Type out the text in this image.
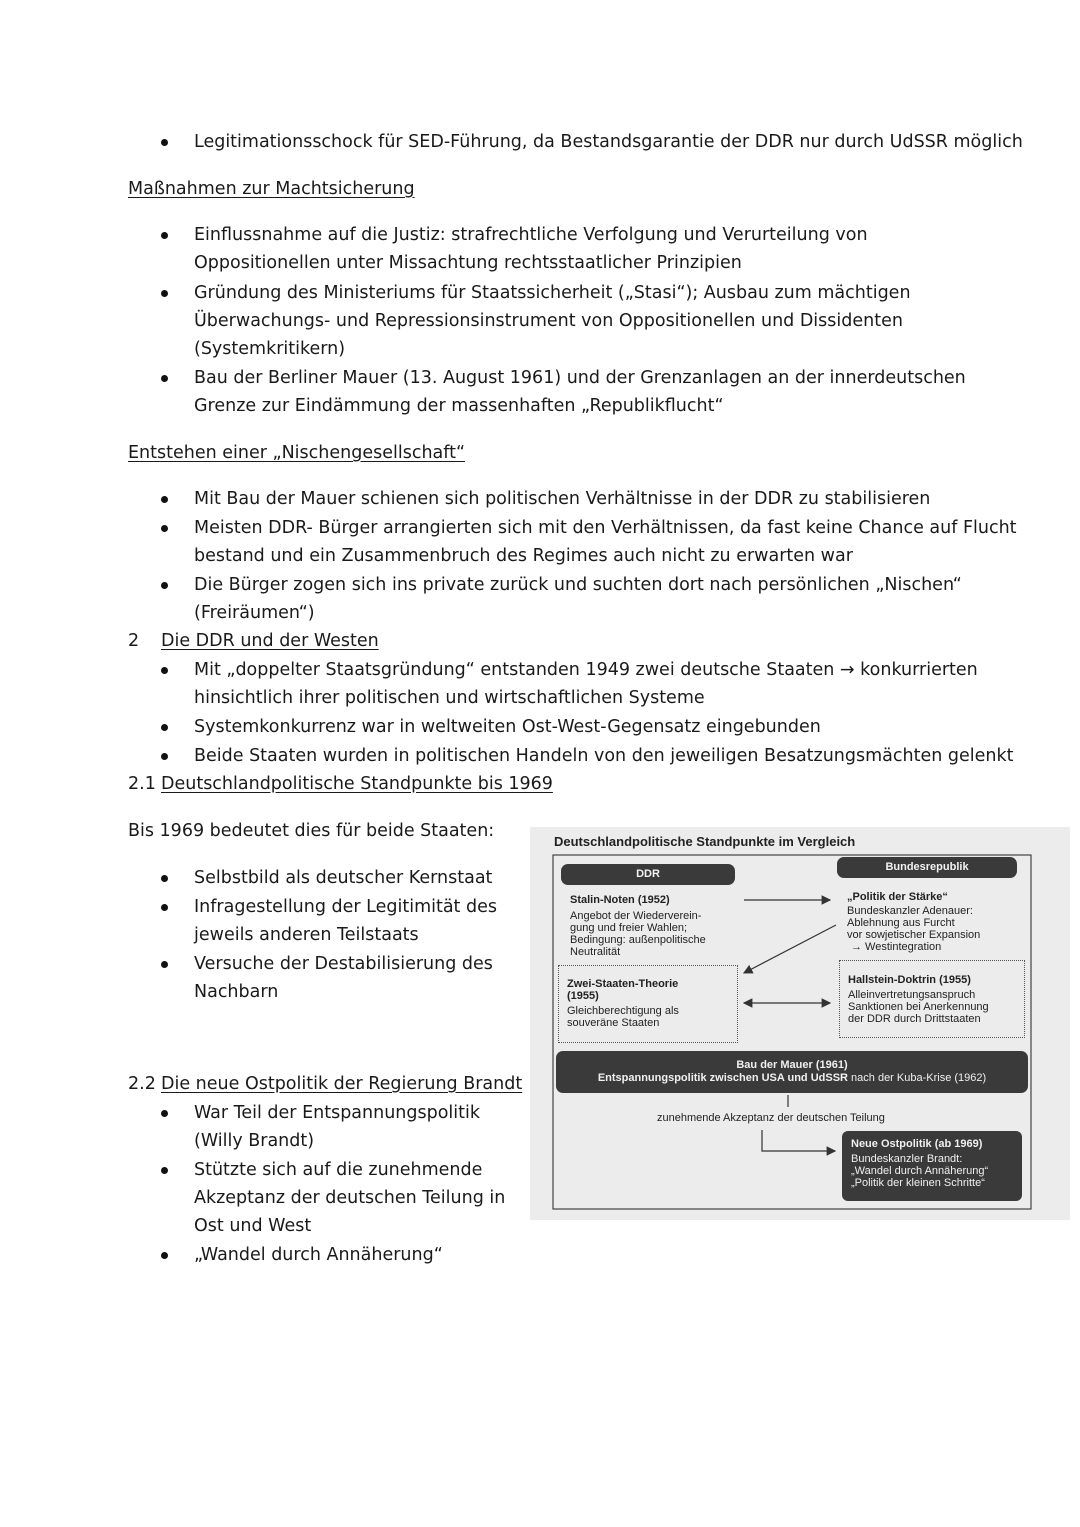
Legitimationsschock für SED-Führung, da Bestandsgarantie der DDR nur durch UdSSR möglich
Maßnahmen zur Machtsicherung
Einflussnahme auf die Justiz: strafrechtliche Verfolgung und Verurteilung von
Oppositionellen unter Missachtung rechtsstaatlicher Prinzipien
Gründung des Ministeriums für Staatssicherheit („Stasi“); Ausbau zum mächtigen
Überwachungs- und Repressionsinstrument von Oppositionellen und Dissidenten
(Systemkritikern)
Bau der Berliner Mauer (13. August 1961) und der Grenzanlagen an der innerdeutschen
Grenze zur Eindämmung der massenhaften „Republikflucht“
Entstehen einer „Nischengesellschaft“
Mit Bau der Mauer schienen sich politischen Verhältnisse in der DDR zu stabilisieren
Meisten DDR- Bürger arrangierten sich mit den Verhältnissen, da fast keine Chance auf Flucht
bestand und ein Zusammenbruch des Regimes auch nicht zu erwarten war
Die Bürger zogen sich ins private zurück und suchten dort nach persönlichen „Nischen“
(Freiräumen“)
2 Die DDR und der Westen
Mit „doppelter Staatsgründung“ entstanden 1949 zwei deutsche Staaten → konkurrierten
hinsichtlich ihrer politischen und wirtschaftlichen Systeme
Systemkonkurrenz war in weltweiten Ost-West-Gegensatz eingebunden
Beide Staaten wurden in politischen Handeln von den jeweiligen Besatzungsmächten gelenkt
2.1 Deutschlandpolitische Standpunkte bis 1969
Bis 1969 bedeutet dies für beide Staaten:
Selbstbild als deutscher Kernstaat
Infragestellung der Legitimität des
jeweils anderen Teilstaats
Versuche der Destabilisierung des
Nachbarn
2.2 Die neue Ostpolitik der Regierung Brandt
War Teil der Entspannungspolitik
(Willy Brandt)
Stützte sich auf die zunehmende
Akzeptanz der deutschen Teilung in
Ost und West
„Wandel durch Annäherung“
Deutschlandpolitische Standpunkte im Vergleich
DDR
Bundesrepublik
Stalin-Noten (1952)
Angebot der Wiederverein-
gung und freier Wahlen;
Bedingung: außenpolitische
Neutralität
„Politik der Stärke“
Bundeskanzler Adenauer:
Ablehnung aus Furcht
vor sowjetischer Expansion
→ Westintegration
Zwei-Staaten-Theorie
(1955)
Gleichberechtigung als
souveräne Staaten
Hallstein-Doktrin (1955)
Alleinvertretungsanspruch
Sanktionen bei Anerkennung
der DDR durch Drittstaaten
Bau der Mauer (1961)
Entspannungspolitik zwischen USA und UdSSR nach der Kuba-Krise (1962)
zunehmende Akzeptanz der deutschen Teilung
Neue Ostpolitik (ab 1969)
Bundeskanzler Brandt:
„Wandel durch Annäherung“
„Politik der kleinen Schritte“
